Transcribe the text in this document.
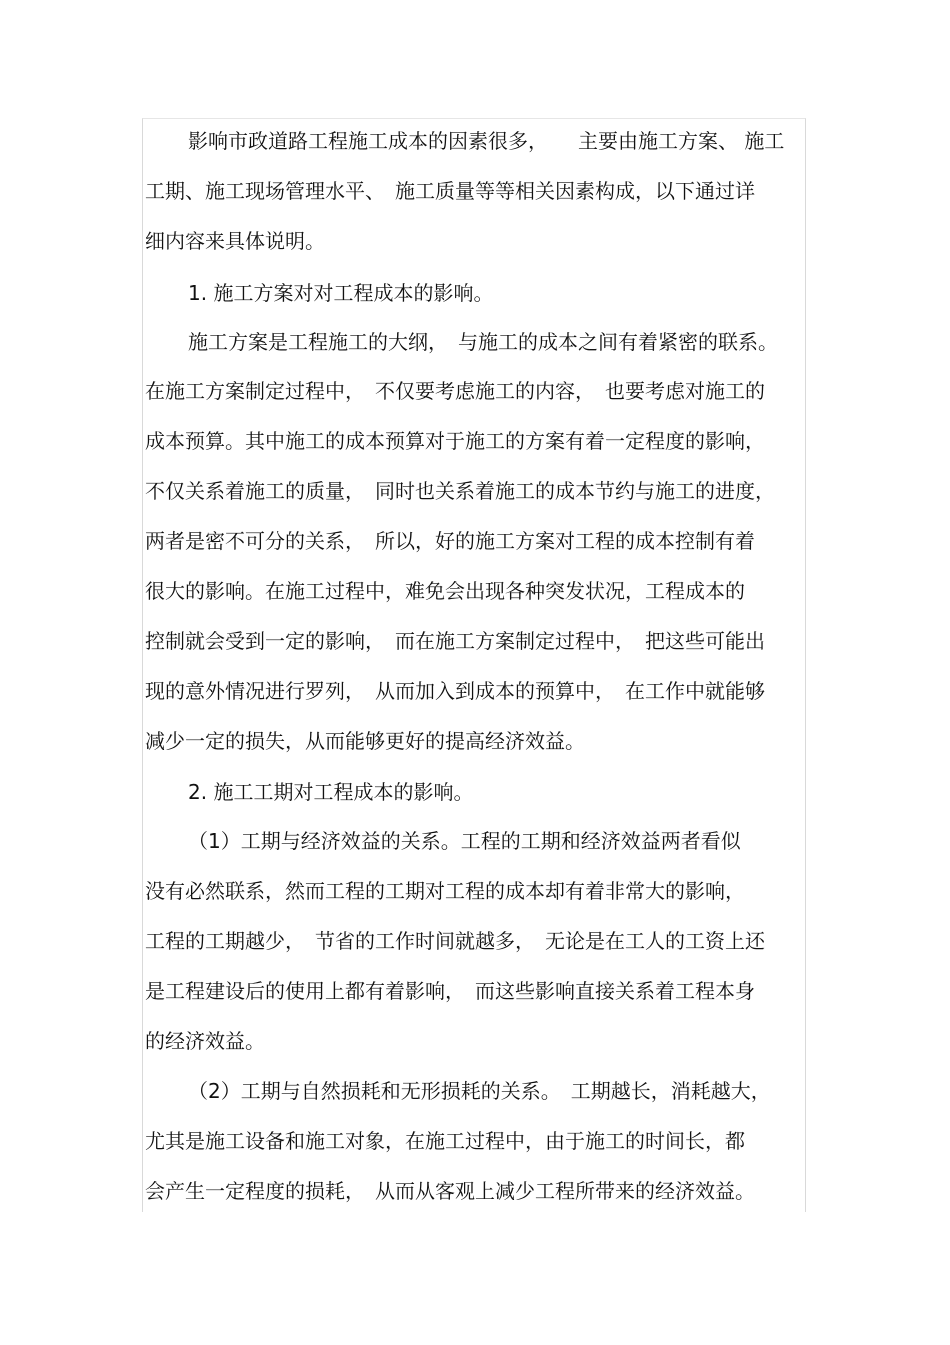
影响市政道路工程施工成本的因素很多，　　主要由施工方案、 施工
工期、施工现场管理水平、　施工质量等等相关因素构成，以下通过详
细内容来具体说明。
1. 施工方案对对工程成本的影响。
施工方案是工程施工的大纲，　与施工的成本之间有着紧密的联系。
在施工方案制定过程中，　不仅要考虑施工的内容，　也要考虑对施工的
成本预算。其中施工的成本预算对于施工的方案有着一定程度的影响，
不仅关系着施工的质量，　同时也关系着施工的成本节约与施工的进度，
两者是密不可分的关系，　所以，好的施工方案对工程的成本控制有着
很大的影响。在施工过程中，难免会出现各种突发状况，工程成本的
控制就会受到一定的影响，　而在施工方案制定过程中，　把这些可能出
现的意外情况进行罗列，　从而加入到成本的预算中，　在工作中就能够
减少一定的损失，从而能够更好的提高经济效益。
2. 施工工期对工程成本的影响。
（1）工期与经济效益的关系。工程的工期和经济效益两者看似
没有必然联系，然而工程的工期对工程的成本却有着非常大的影响，
工程的工期越少，　节省的工作时间就越多，　无论是在工人的工资上还
是工程建设后的使用上都有着影响，　而这些影响直接关系着工程本身
的经济效益。
（2）工期与自然损耗和无形损耗的关系。　工期越长，消耗越大，
尤其是施工设备和施工对象，在施工过程中，由于施工的时间长，都
会产生一定程度的损耗，　从而从客观上减少工程所带来的经济效益。
